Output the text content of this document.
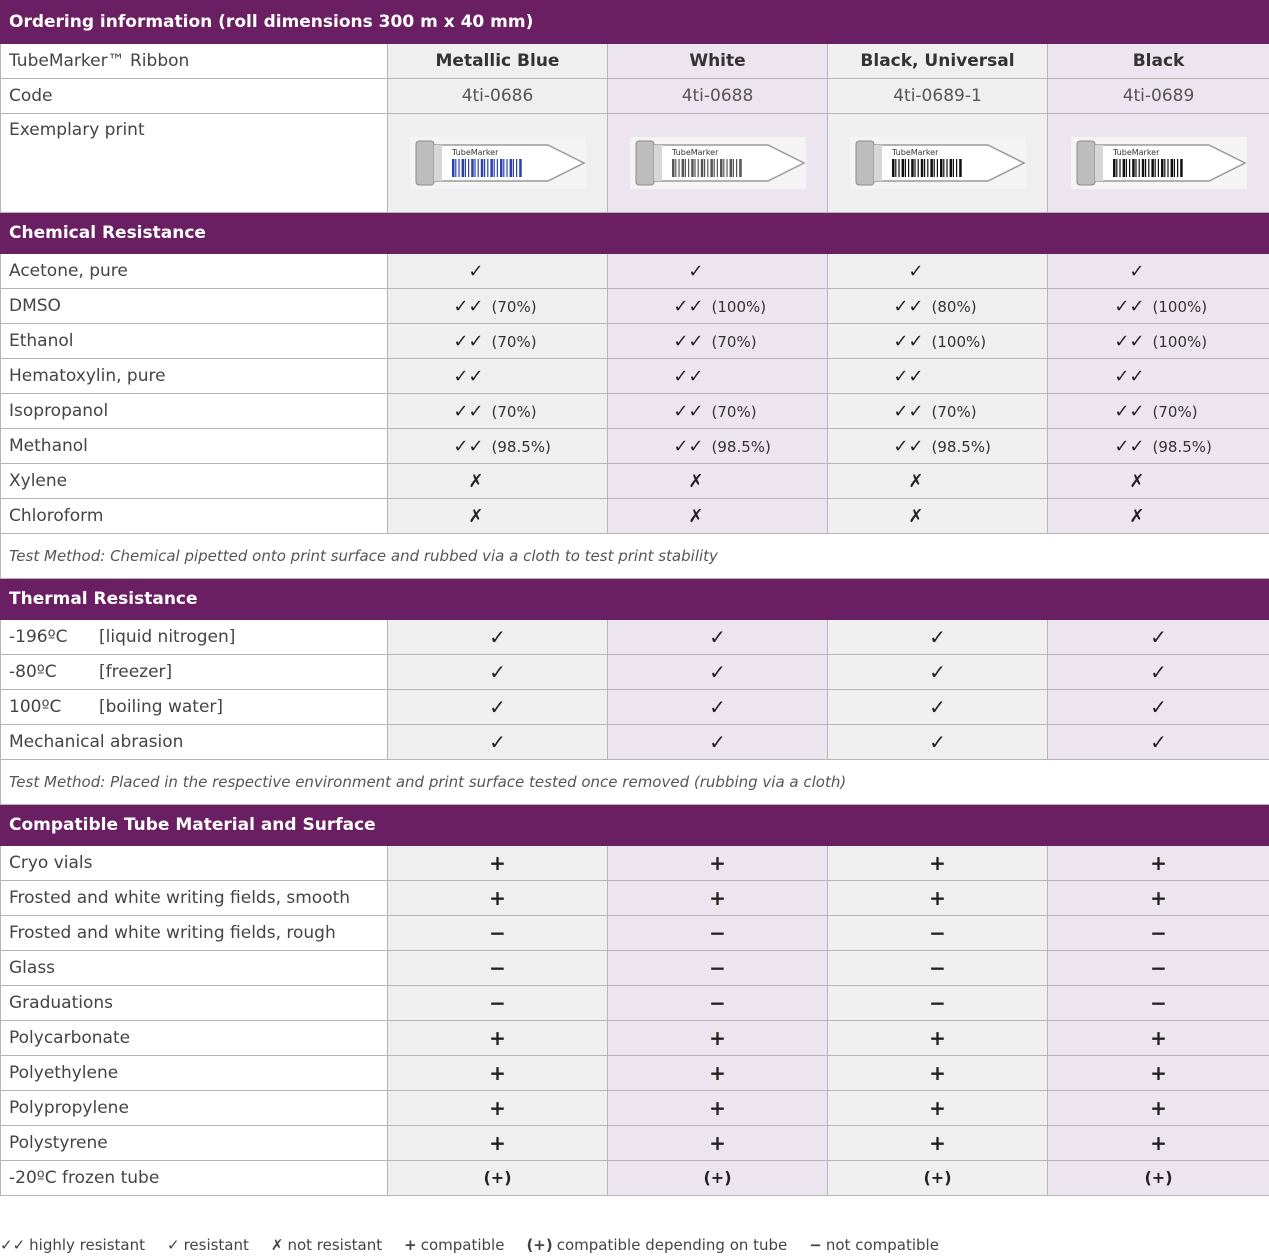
Ordering information (roll dimensions 300 m x 40 mm)				
TubeMarker™ Ribbon	Metallic Blue	White	Black, Universal	Black
Code	4ti-0686	4ti-0688	4ti-0689-1	4ti-0689
Exemplary print	TubeMarker	TubeMarker	TubeMarker	TubeMarker

Chemical Resistance				
Acetone, pure	✓	✓	✓	✓
DMSO	✓✓ (70%)	✓✓ (100%)	✓✓ (80%)	✓✓ (100%)
Ethanol	✓✓ (70%)	✓✓ (70%)	✓✓ (100%)	✓✓ (100%)
Hematoxylin, pure	✓✓	✓✓	✓✓	✓✓
Isopropanol	✓✓ (70%)	✓✓ (70%)	✓✓ (70%)	✓✓ (70%)
Methanol	✓✓ (98.5%)	✓✓ (98.5%)	✓✓ (98.5%)	✓✓ (98.5%)
Xylene	✗	✗	✗	✗
Chloroform	✗	✗	✗	✗
Test Method: Chemical pipetted onto print surface and rubbed via a cloth to test print stability				
Thermal Resistance				
-196ºC [liquid nitrogen]	✓	✓	✓	✓
-80ºC [freezer]	✓	✓	✓	✓
100ºC [boiling water]	✓	✓	✓	✓
Mechanical abrasion	✓	✓	✓	✓
Test Method: Placed in the respective environment and print surface tested once removed (rubbing via a cloth)				
Compatible Tube Material and Surface				
Cryo vials	+	+	+	+
Frosted and white writing fields, smooth	+	+	+	+
Frosted and white writing fields, rough	−	−	−	−
Glass	−	−	−	−
Graduations	−	−	−	−
Polycarbonate	+	+	+	+
Polyethylene	+	+	+	+
Polypropylene	+	+	+	+
Polystyrene	+	+	+	+
-20ºC frozen tube	(+)	(+)	(+)	(+)
✓✓ highly resistant ✓ resistant ✗ not resistant + compatible (+) compatible depending on tube − not compatible
